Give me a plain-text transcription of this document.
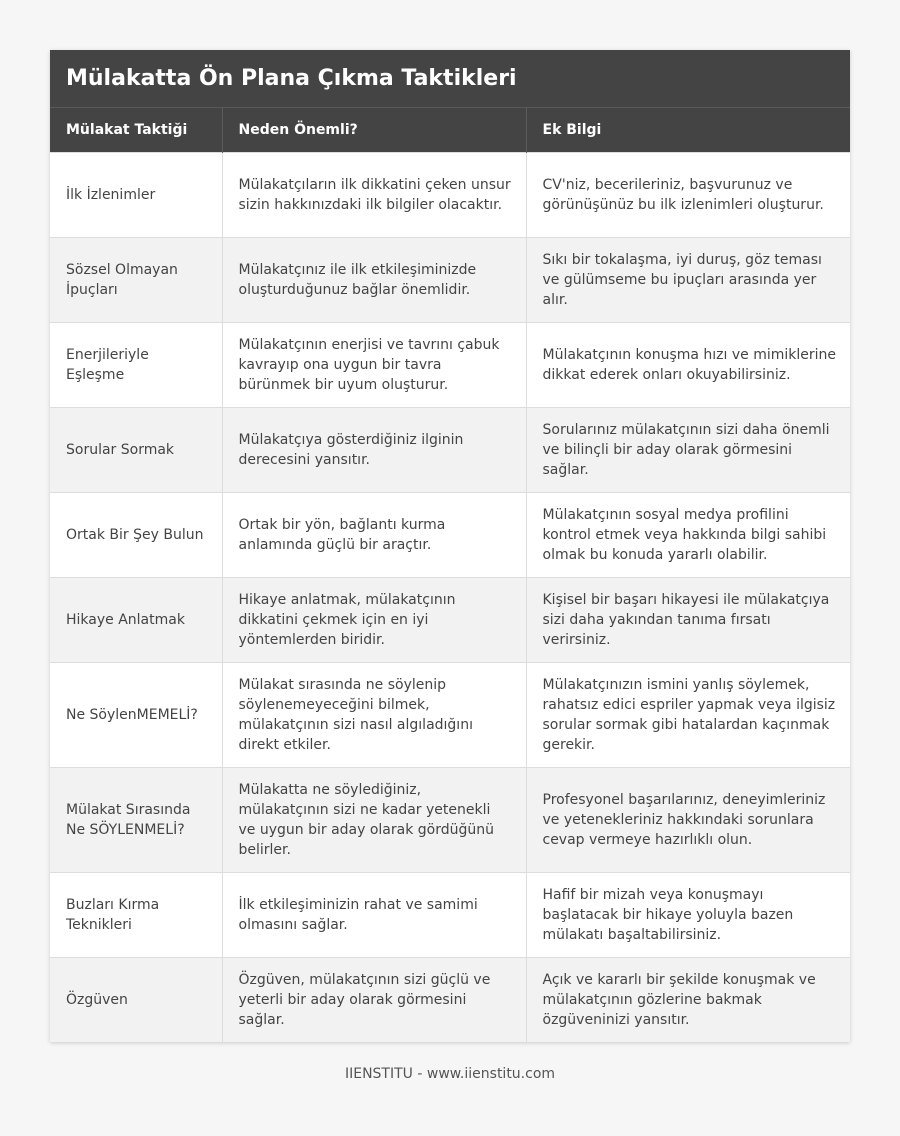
Mülakatta Ön Plana Çıkma Taktikleri
Mülakat Taktiği	Neden Önemli?	Ek Bilgi
İlk İzlenimler	Mülakatçıların ilk dikkatini çeken unsur sizin hakkınızdaki ilk bilgiler olacaktır.	CV'niz, becerileriniz, başvurunuz ve görünüşünüz bu ilk izlenimleri oluşturur.
Sözsel Olmayan İpuçları	Mülakatçınız ile ilk etkileşiminizde oluşturduğunuz bağlar önemlidir.	Sıkı bir tokalaşma, iyi duruş, göz teması ve gülümseme bu ipuçları arasında yer alır.
Enerjileriyle Eşleşme	Mülakatçının enerjisi ve tavrını çabuk kavrayıp ona uygun bir tavra bürünmek bir uyum oluşturur.	Mülakatçının konuşma hızı ve mimiklerine dikkat ederek onları okuyabilirsiniz.
Sorular Sormak	Mülakatçıya gösterdiğiniz ilginin derecesini yansıtır.	Sorularınız mülakatçının sizi daha önemli ve bilinçli bir aday olarak görmesini sağlar.
Ortak Bir Şey Bulun	Ortak bir yön, bağlantı kurma anlamında güçlü bir araçtır.	Mülakatçının sosyal medya profilini kontrol etmek veya hakkında bilgi sahibi olmak bu konuda yararlı olabilir.
Hikaye Anlatmak	Hikaye anlatmak, mülakatçının dikkatini çekmek için en iyi yöntemlerden biridir.	Kişisel bir başarı hikayesi ile mülakatçıya sizi daha yakından tanıma fırsatı verirsiniz.
Ne SöylenMEMELİ?	Mülakat sırasında ne söylenip söylenemeyeceğini bilmek, mülakatçının sizi nasıl algıladığını direkt etkiler.	Mülakatçınızın ismini yanlış söylemek, rahatsız edici espriler yapmak veya ilgisiz sorular sormak gibi hatalardan kaçınmak gerekir.
Mülakat Sırasında Ne SÖYLENMELİ?	Mülakatta ne söylediğiniz, mülakatçının sizi ne kadar yetenekli ve uygun bir aday olarak gördüğünü belirler.	Profesyonel başarılarınız, deneyimleriniz ve yetenekleriniz hakkındaki sorunlara cevap vermeye hazırlıklı olun.
Buzları Kırma Teknikleri	İlk etkileşiminizin rahat ve samimi olmasını sağlar.	Hafif bir mizah veya konuşmayı başlatacak bir hikaye yoluyla bazen mülakatı başaltabilirsiniz.
Özgüven	Özgüven, mülakatçının sizi güçlü ve yeterli bir aday olarak görmesini sağlar.	Açık ve kararlı bir şekilde konuşmak ve mülakatçının gözlerine bakmak özgüveninizi yansıtır.
IIENSTITU - www.iienstitu.com
